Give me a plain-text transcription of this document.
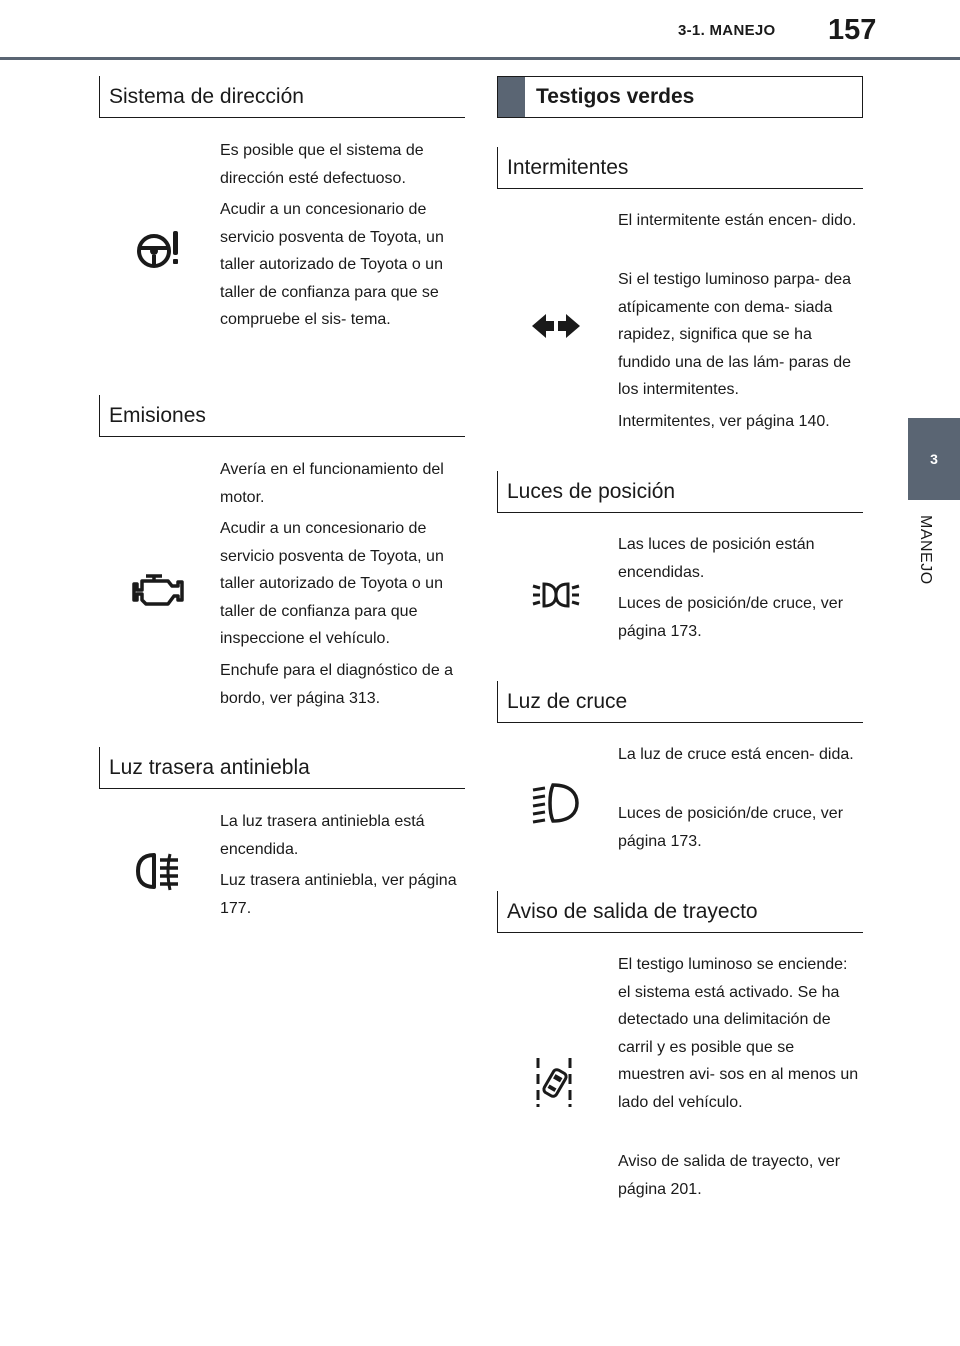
3-1. MANEJO 157
3
MANEJO
Sistema de dirección
Es posible que el sistema de dirección esté defectuoso.
Acudir a un concesionario de servicio posventa de Toyota, un taller autorizado de Toyota o un taller de confianza para que se compruebe el sis- tema.
Emisiones
Avería en el funcionamiento del motor.
Acudir a un concesionario de servicio posventa de Toyota, un taller autorizado de Toyota o un taller de confianza para que inspeccione el vehículo.
Enchufe para el diagnóstico de a bordo, ver página 313.
Luz trasera antiniebla
La luz trasera antiniebla está encendida.
Luz trasera antiniebla, ver página 177.
Testigos verdes
Intermitentes
El intermitente están encen- dido.
Si el testigo luminoso parpa- dea atípicamente con dema- siada rapidez, significa que se ha fundido una de las lám- paras de los intermitentes.
Intermitentes, ver página 140.
Luces de posición
Las luces de posición están encendidas.
Luces de posición/de cruce, ver página 173.
Luz de cruce
La luz de cruce está encen- dida.
Luces de posición/de cruce, ver página 173.
Aviso de salida de trayecto
El testigo luminoso se enciende: el sistema está activado. Se ha detectado una delimitación de carril y es posible que se muestren avi- sos en al menos un lado del vehículo.
Aviso de salida de trayecto, ver página 201.
